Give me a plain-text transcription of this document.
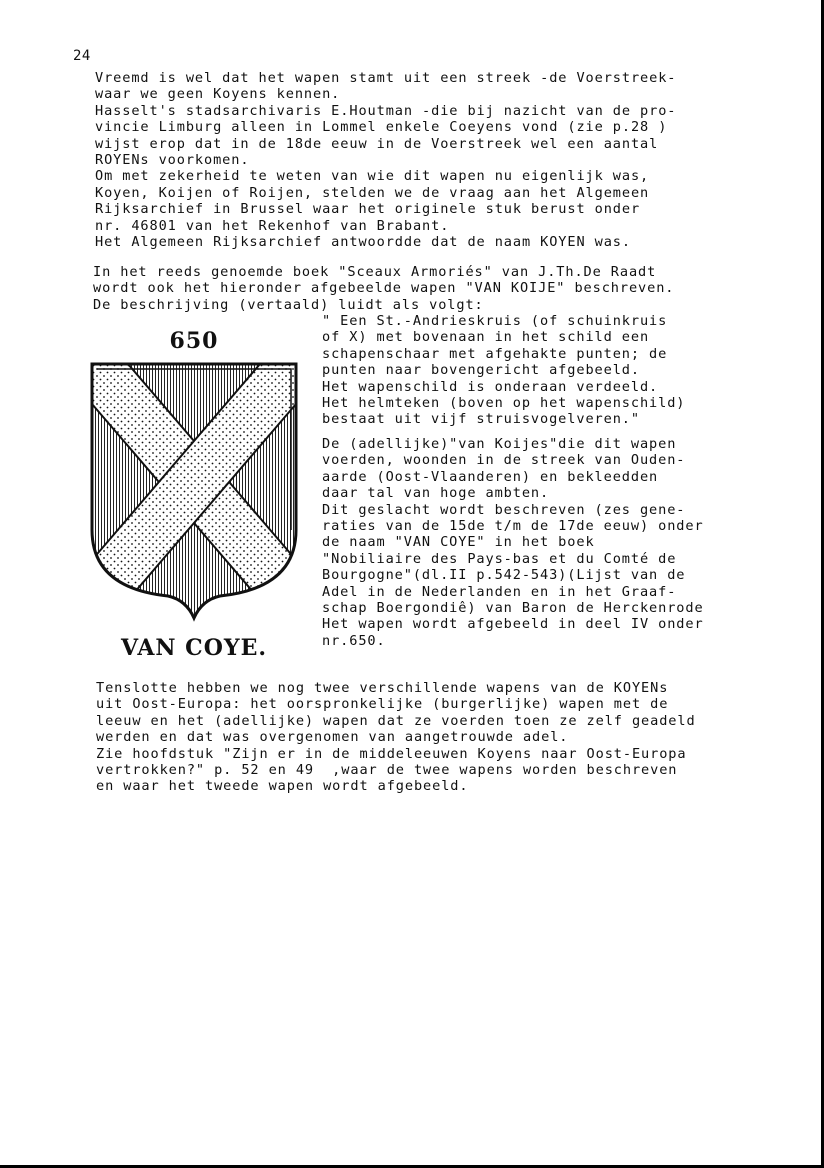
24
Vreemd is wel dat het wapen stamt uit een streek -de Voerstreek-
waar we geen Koyens kennen.
Hasselt's stadsarchivaris E.Houtman -die bij nazicht van de pro-
vincie Limburg alleen in Lommel enkele Coeyens vond (zie p.28 )
wijst erop dat in de 18de eeuw in de Voerstreek wel een aantal
ROYENs voorkomen.
Om met zekerheid te weten van wie dit wapen nu eigenlijk was,
Koyen, Koijen of Roijen, stelden we de vraag aan het Algemeen
Rijksarchief in Brussel waar het originele stuk berust onder
nr. 46801 van het Rekenhof van Brabant.
Het Algemeen Rijksarchief antwoordde dat de naam KOYEN was.
In het reeds genoemde boek "Sceaux Armoriés" van J.Th.De Raadt
wordt ook het hieronder afgebeelde wapen "VAN KOIJE" beschreven.
De beschrijving (vertaald) luidt als volgt:
" Een St.-Andrieskruis (of schuinkruis
of X) met bovenaan in het schild een
schapenschaar met afgehakte punten; de
punten naar bovengericht afgebeeld.
Het wapenschild is onderaan verdeeld.
Het helmteken (boven op het wapenschild)
bestaat uit vijf struisvogelveren."
De (adellijke)"van Koijes"die dit wapen
voerden, woonden in de streek van Ouden-
aarde (Oost-Vlaanderen) en bekleedden
daar tal van hoge ambten.
Dit geslacht wordt beschreven (zes gene-
raties van de 15de t/m de 17de eeuw) onder
de naam "VAN COYE" in het boek
"Nobiliaire des Pays-bas et du Comté de
Bourgogne"(dl.II p.542-543)(Lijst van de
Adel in de Nederlanden en in het Graaf-
schap Boergondiê) van Baron de Herckenrode
Het wapen wordt afgebeeld in deel IV onder
nr.650.
Tenslotte hebben we nog twee verschillende wapens van de KOYENs
uit Oost-Europa: het oorspronkelijke (burgerlijke) wapen met de
leeuw en het (adellijke) wapen dat ze voerden toen ze zelf geadeld
werden en dat was overgenomen van aangetrouwde adel.
Zie hoofdstuk "Zijn er in de middeleeuwen Koyens naar Oost-Europa
vertrokken?" p. 52 en 49  ,waar de twee wapens worden beschreven
en waar het tweede wapen wordt afgebeeld.
650
VAN COYE.
